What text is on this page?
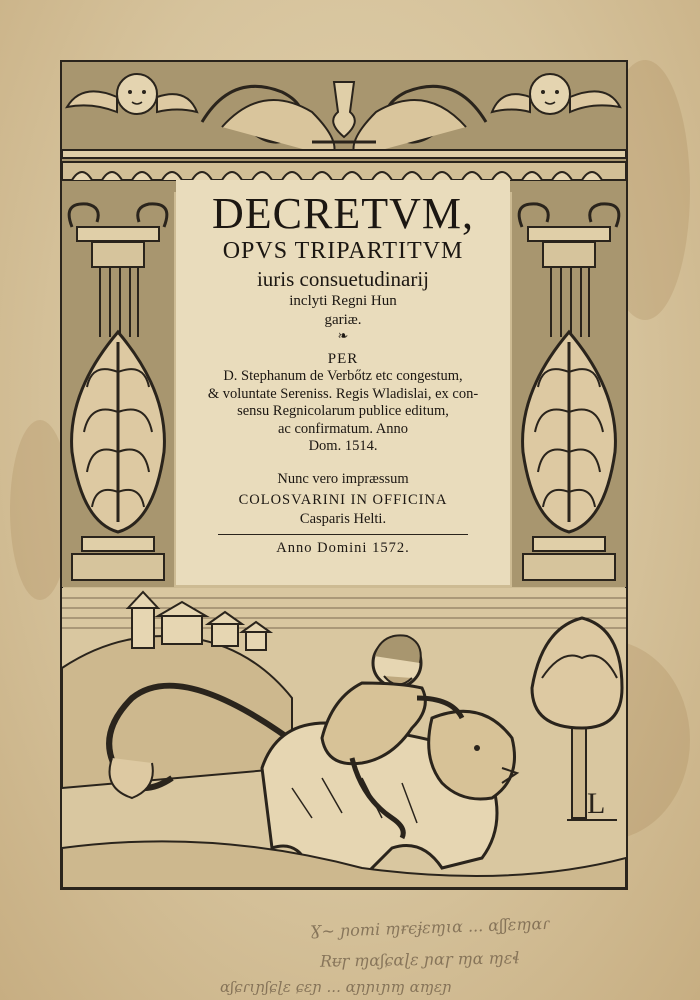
DECRETVM,
OPVS TRIPARTITVM
iuris consuetudinarij
inclyti Regni Hun
gariæ.
❧
PER
D. Stephanum de Verbőtz etc congestum,
& voluntate Sereniss. Regis Wladislai, ex con-
sensu Regnicolarum publice editum,
ac confirmatum. Anno
Dom. 1514.
Nunc vero impræssum
COLOSVARINI IN OFFICINA
Casparis Helti.
Anno Domini 1572.
L
Ɣ~ ɲomi ɱɍϵɉɛɱɩɑ ... ɑʃʃɛɱɑɾ
Rᵾɼ ɱɑʃɕɑɭɛ ɲɑɼ ɱɑ ɱɛɬ
ɑʃɕɾɩɲʃɕɭɛ ɕɛɲ ... ɑɲɲɩɲɱ ɑɱɛɲ
